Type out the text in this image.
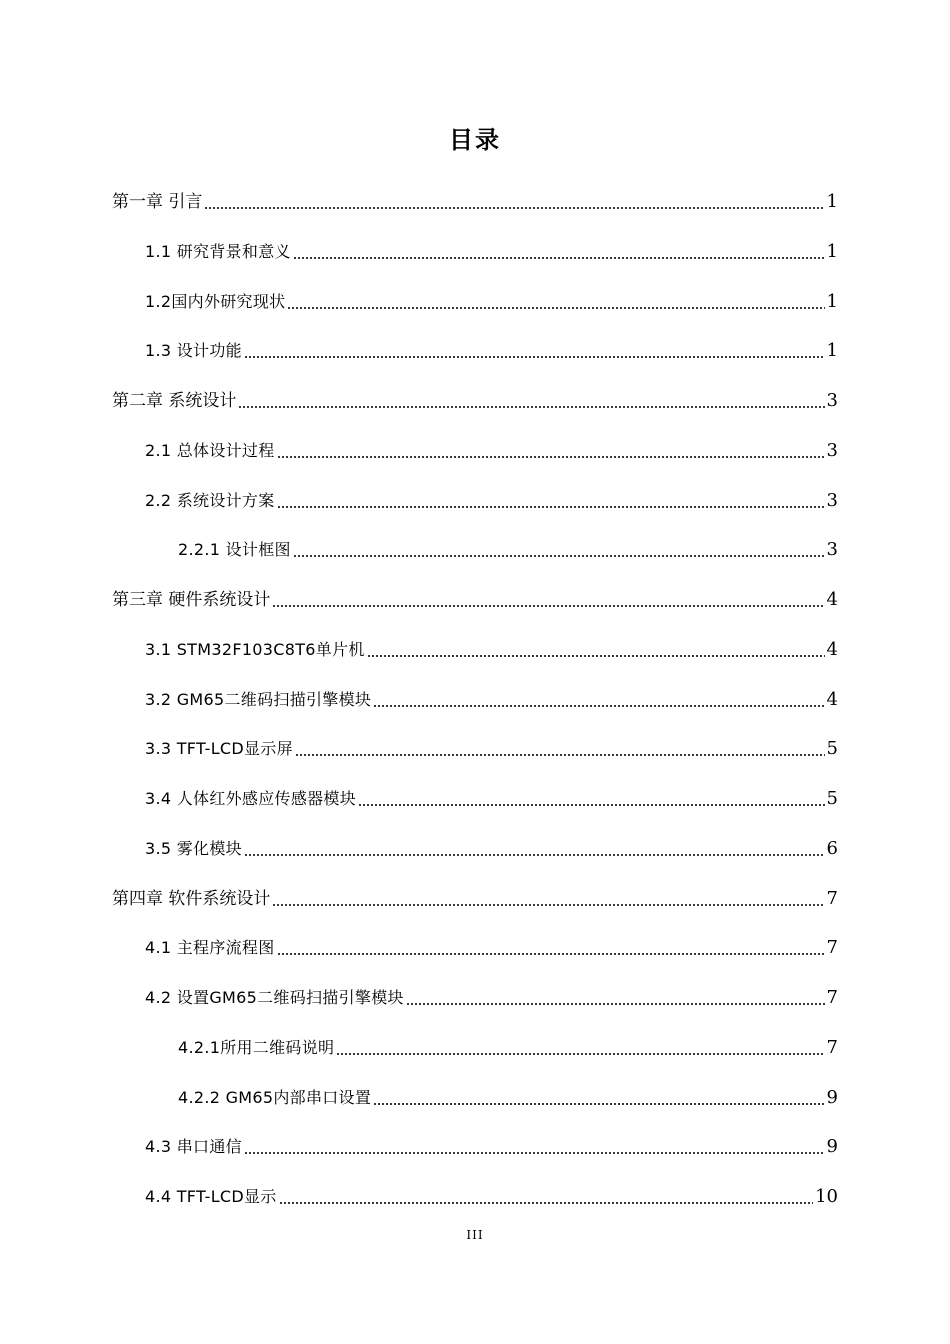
目录
第一章 引言	1
1.1 研究背景和意义	1
1.2国内外研究现状	1
1.3 设计功能	1
第二章 系统设计	3
2.1 总体设计过程	3
2.2 系统设计方案	3
2.2.1 设计框图	3
第三章 硬件系统设计	4
3.1 STM32F103C8T6单片机	4
3.2 GM65二维码扫描引擎模块	4
3.3 TFT-LCD显示屏	5
3.4 人体红外感应传感器模块	5
3.5 雾化模块	6
第四章 软件系统设计	7
4.1 主程序流程图	7
4.2 设置GM65二维码扫描引擎模块	7
4.2.1所用二维码说明	7
4.2.2 GM65内部串口设置	9
4.3 串口通信	9
4.4 TFT-LCD显示	10
III
